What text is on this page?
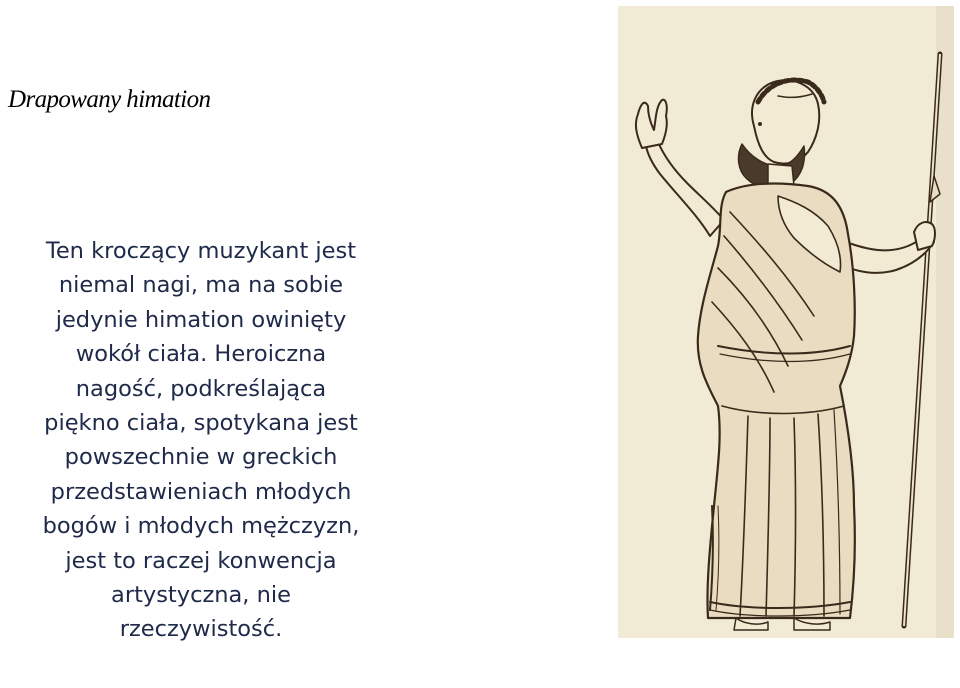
Drapowany himation
Ten kroczący muzykant jest
niemal nagi, ma na sobie
jedynie himation owinięty
wokół ciała. Heroiczna
nagość, podkreślająca
piękno ciała, spotykana jest
powszechnie w greckich
przedstawieniach młodych
bogów i młodych mężczyzn,
jest to raczej konwencja
artystyczna, nie
rzeczywistość.
